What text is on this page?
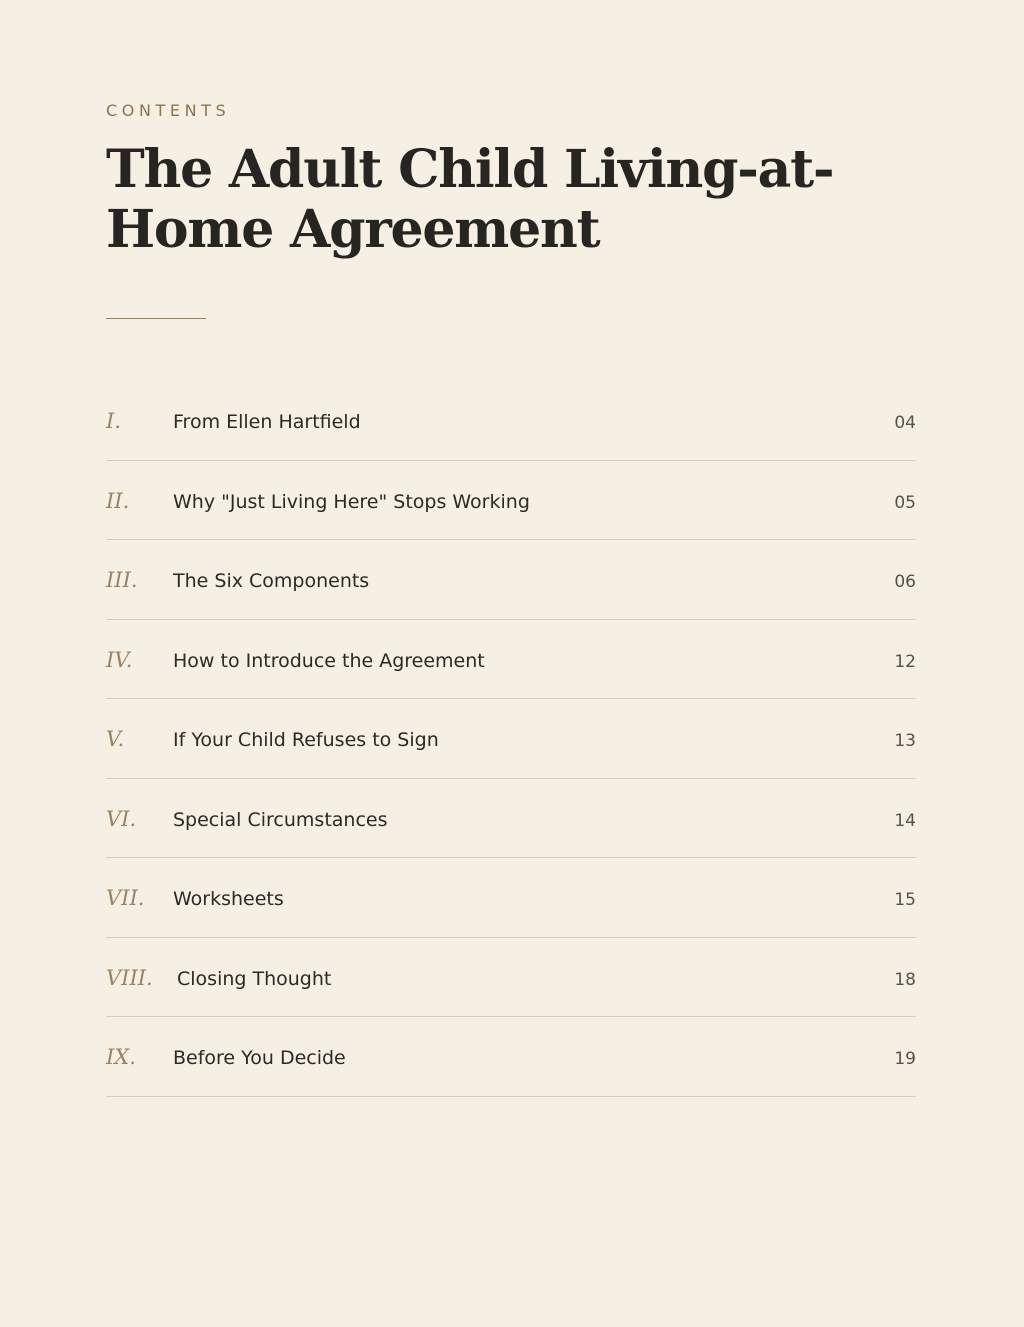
CONTENTS
The Adult Child Living-at-Home Agreement
I.	From Ellen Hartfield	04
II. Why "Just Living Here" Stops Working	05
III. The Six Components	06
IV. How to Introduce the Agreement	12
V.	If Your Child Refuses to Sign	13
VI. Special Circumstances	14
VII. Worksheets	15
VIII. Closing Thought	18
IX. Before You Decide	19
